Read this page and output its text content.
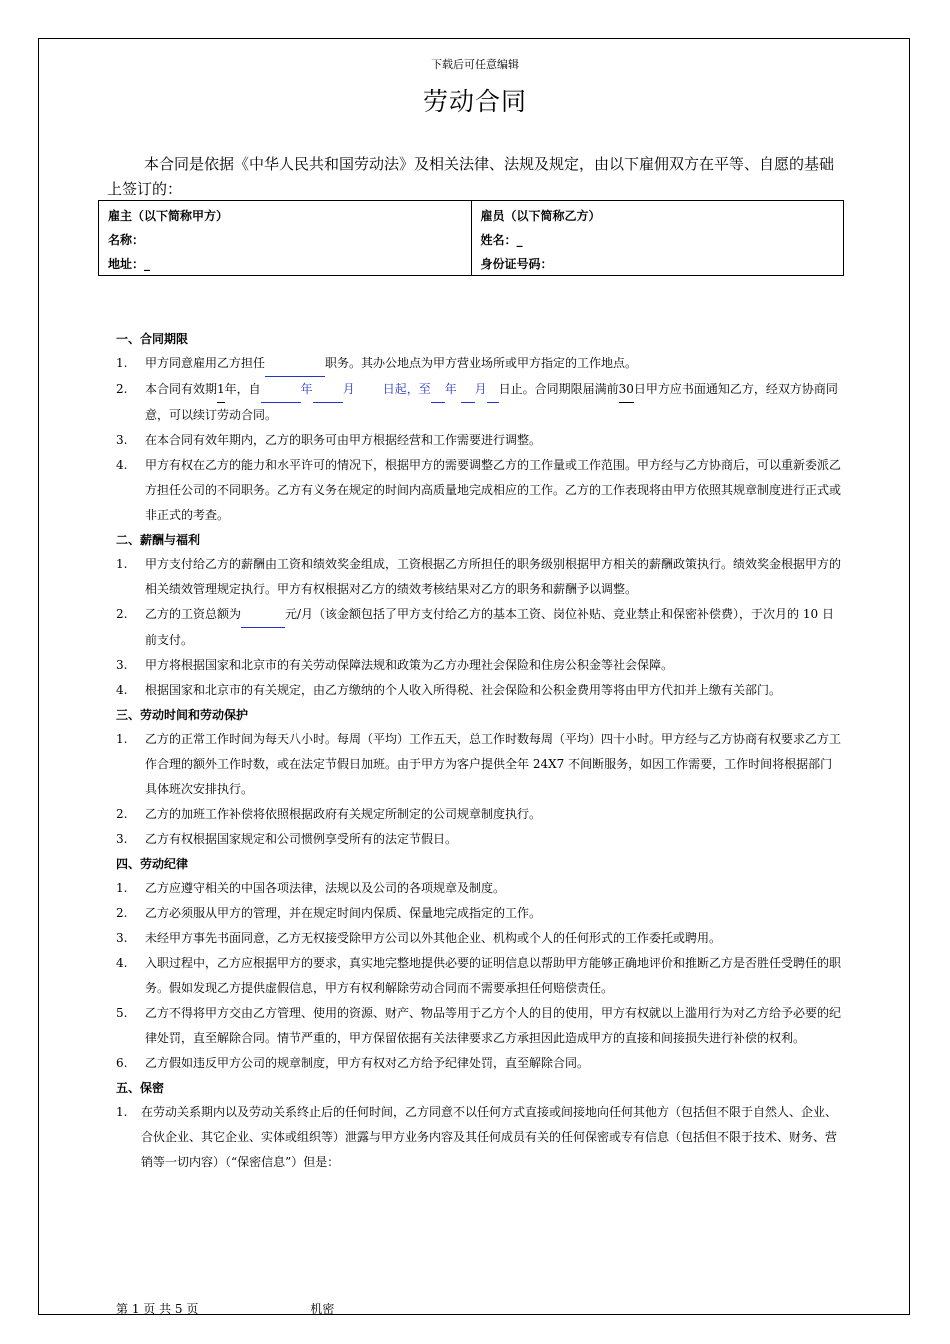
下载后可任意编辑
劳动合同
本合同是依据《中华人民共和国劳动法》及相关法律、法规及规定，由以下雇佣双方在平等、自愿的基础上签订的：
雇主（以下简称甲方）
名称：
地址：_
雇员（以下简称乙方）
姓名：_
身份证号码：
一、合同期限
1. 甲方同意雇用乙方担任	职务。其办公地点为甲方营业场所或甲方指定的工作地点。
2. 本合同有效期1年，自	年	月 日起，至 年 月 日止。合同期限届满前30日甲方应书面通知乙方，经双方协商同意，可以续订劳动合同。
3. 在本合同有效年期内，乙方的职务可由甲方根据经营和工作需要进行调整。
4. 甲方有权在乙方的能力和水平许可的情况下，根据甲方的需要调整乙方的工作量或工作范围。甲方经与乙方协商后，可以重新委派乙方担任公司的不同职务。乙方有义务在规定的时间内高质量地完成相应的工作。乙方的工作表现将由甲方依照其规章制度进行正式或非正式的考查。
二、薪酬与福利
1. 甲方支付给乙方的薪酬由工资和绩效奖金组成，工资根据乙方所担任的职务级别根据甲方相关的薪酬政策执行。绩效奖金根据甲方的相关绩效管理规定执行。甲方有权根据对乙方的绩效考核结果对乙方的职务和薪酬予以调整。
2. 乙方的工资总额为	元/月（该金额包括了甲方支付给乙方的基本工资、岗位补贴、竞业禁止和保密补偿费），于次月的 10 日前支付。
3. 甲方将根据国家和北京市的有关劳动保障法规和政策为乙方办理社会保险和住房公积金等社会保障。
4. 根据国家和北京市的有关规定，由乙方缴纳的个人收入所得税、社会保险和公积金费用等将由甲方代扣并上缴有关部门。
三、劳动时间和劳动保护
1. 乙方的正常工作时间为每天八小时。每周（平均）工作五天，总工作时数每周（平均）四十小时。甲方经与乙方协商有权要求乙方工作合理的额外工作时数，或在法定节假日加班。由于甲方为客户提供全年 24X7 不间断服务，如因工作需要，工作时间将根据部门具体班次安排执行。
2. 乙方的加班工作补偿将依照根据政府有关规定所制定的公司规章制度执行。
3. 乙方有权根据国家规定和公司惯例享受所有的法定节假日。
四、劳动纪律
1. 乙方应遵守相关的中国各项法律，法规以及公司的各项规章及制度。
2. 乙方必须服从甲方的管理，并在规定时间内保质、保量地完成指定的工作。
3. 未经甲方事先书面同意，乙方无权接受除甲方公司以外其他企业、机构或个人的任何形式的工作委托或聘用。
4. 入职过程中，乙方应根据甲方的要求，真实地完整地提供必要的证明信息以帮助甲方能够正确地评价和推断乙方是否胜任受聘任的职务。假如发现乙方提供虚假信息，甲方有权利解除劳动合同而不需要承担任何赔偿责任。
5. 乙方不得将甲方交由乙方管理、使用的资源、财产、物品等用于乙方个人的目的使用，甲方有权就以上滥用行为对乙方给予必要的纪律处罚，直至解除合同。情节严重的，甲方保留依据有关法律要求乙方承担因此造成甲方的直接和间接损失进行补偿的权利。
6. 乙方假如违反甲方公司的规章制度，甲方有权对乙方给予纪律处罚，直至解除合同。
五、保密
1. 在劳动关系期内以及劳动关系终止后的任何时间，乙方同意不以任何方式直接或间接地向任何其他方（包括但不限于自然人、企业、合伙企业、其它企业、实体或组织等）泄露与甲方业务内容及其任何成员有关的任何保密或专有信息（包括但不限于技术、财务、营销等一切内容）（“保密信息”）但是：
第 1 页 共 5 页	机密
